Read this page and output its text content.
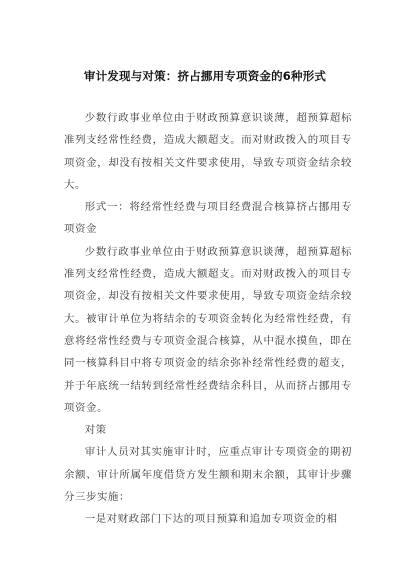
审计发现与对策：挤占挪用专项资金的6种形式

少数行政事业单位由于财政预算意识谈薄，超预算超标准列支经常性经费，造成大额超支。而对财政拨入的项目专项资金，却没有按相关文件要求使用，导致专项资金结余较大。

形式一：将经常性经费与项目经费混合核算挤占挪用专项资金

少数行政事业单位由于财政预算意识谈薄，超预算超标准列支经常性经费，造成大额超支。而对财政拨入的项目专项资金，却没有按相关文件要求使用，导致专项资金结余较大。被审计单位为将结余的专项资金转化为经常性经费，有意将经常性经费与专项资金混合核算，从中混水摸鱼，即在同一核算科目中将专项资金的结余弥补经常性经费的超支，并于年底统一结转到经常性经费结余科目，从而挤占挪用专项资金。

对策

审计人员对其实施审计时，应重点审计专项资金的期初余额、审计所属年度借贷方发生额和期末余额，其审计步骤分三步实施：

一是对财政部门下达的项目预算和追加专项资金的相
